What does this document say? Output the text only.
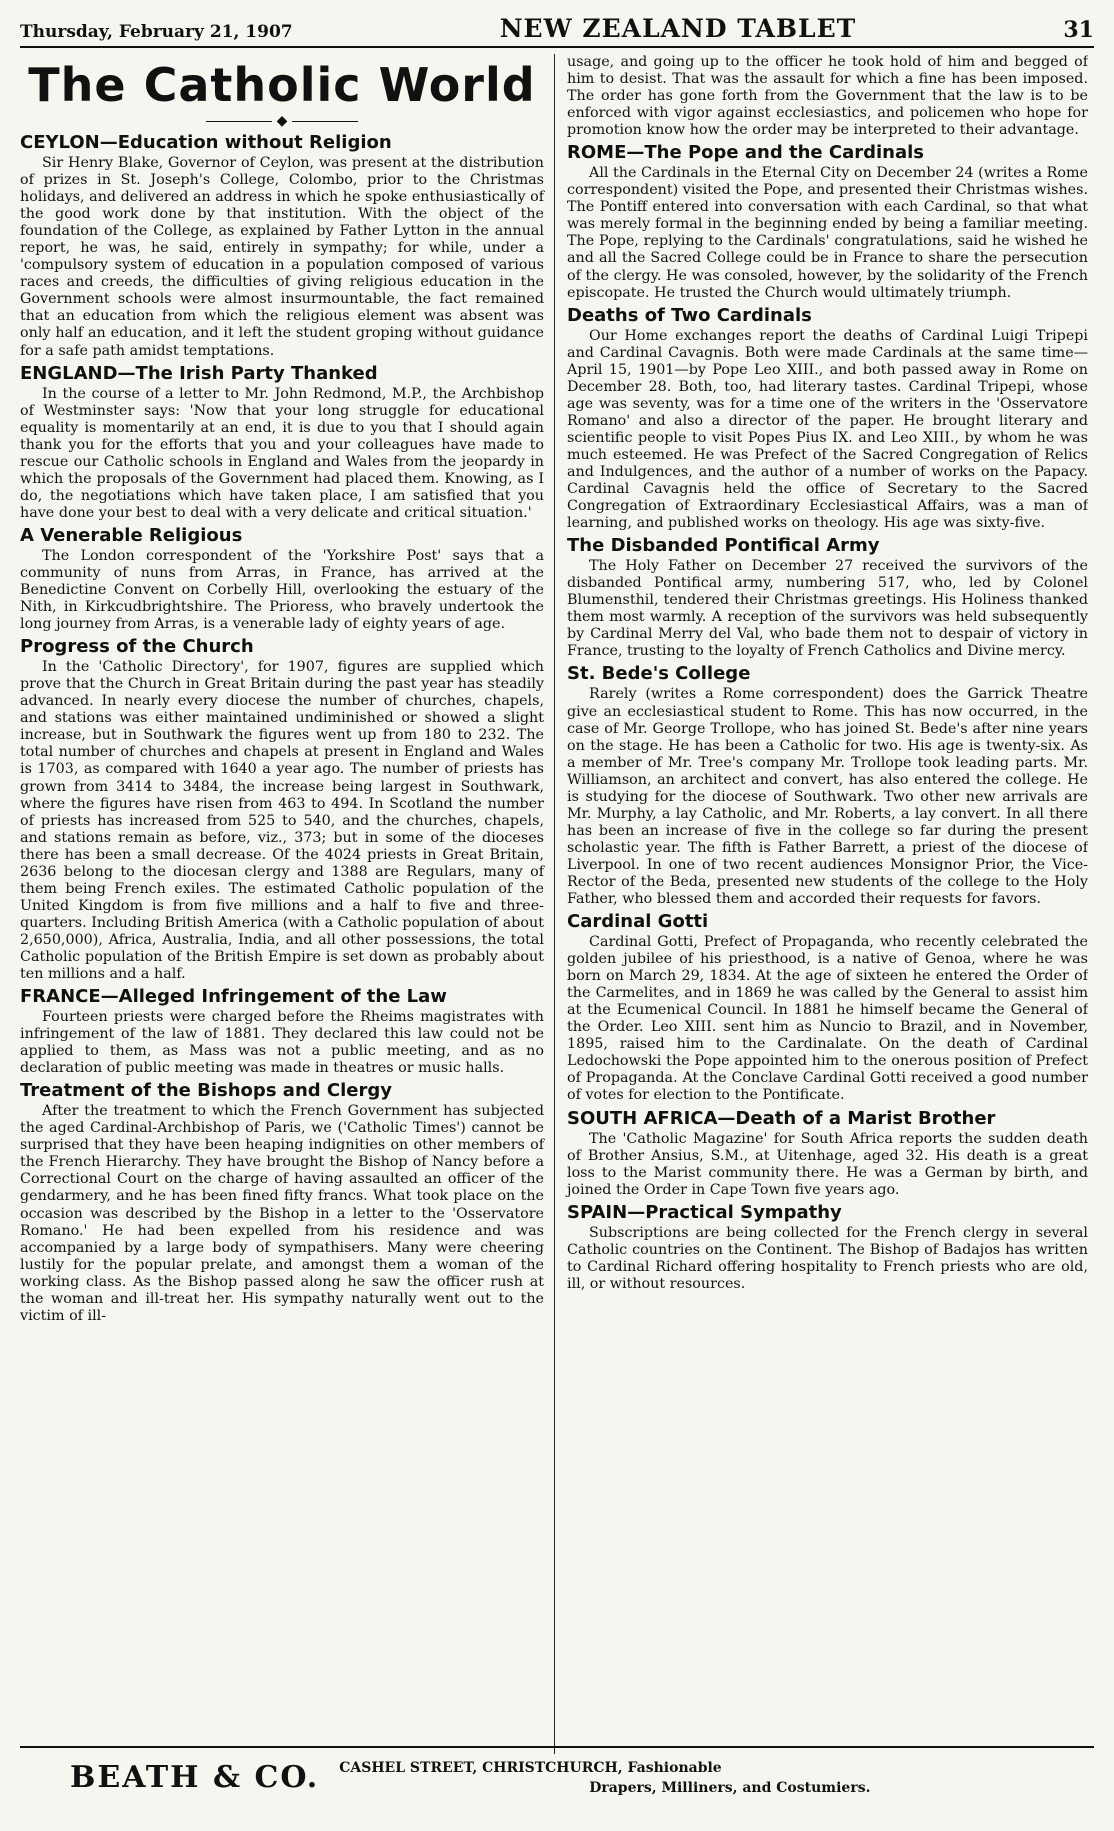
Thursday, February 21, 1907	NEW ZEALAND TABLET	31
The Catholic World
◆
CEYLON—Education without Religion

Sir Henry Blake, Governor of Ceylon, was present at the distribution of prizes in St. Joseph's College, Colombo, prior to the Christmas holidays, and delivered an address in which he spoke enthusiastically of the good work done by that institution. With the object of the foundation of the College, as explained by Father Lytton in the annual report, he was, he said, entirely in sympathy; for while, under a 'compulsory system of education in a population composed of various races and creeds, the difficulties of giving religious education in the Government schools were almost insurmountable, the fact remained that an education from which the religious element was absent was only half an education, and it left the student groping without guidance for a safe path amidst temptations.

ENGLAND—The Irish Party Thanked

In the course of a letter to Mr. John Redmond, M.P., the Archbishop of Westminster says: 'Now that your long struggle for educational equality is momentarily at an end, it is due to you that I should again thank you for the efforts that you and your colleagues have made to rescue our Catholic schools in England and Wales from the jeopardy in which the proposals of the Government had placed them. Knowing, as I do, the negotiations which have taken place, I am satisfied that you have done your best to deal with a very delicate and critical situation.'

A Venerable Religious

The London correspondent of the 'Yorkshire Post' says that a community of nuns from Arras, in France, has arrived at the Benedictine Convent on Corbelly Hill, overlooking the estuary of the Nith, in Kirkcudbrightshire. The Prioress, who bravely undertook the long journey from Arras, is a venerable lady of eighty years of age.

Progress of the Church

In the 'Catholic Directory', for 1907, figures are supplied which prove that the Church in Great Britain during the past year has steadily advanced. In nearly every diocese the number of churches, chapels, and stations was either maintained undiminished or showed a slight increase, but in Southwark the figures went up from 180 to 232. The total number of churches and chapels at present in England and Wales is 1703, as compared with 1640 a year ago. The number of priests has grown from 3414 to 3484, the increase being largest in Southwark, where the figures have risen from 463 to 494. In Scotland the number of priests has increased from 525 to 540, and the churches, chapels, and stations remain as before, viz., 373; but in some of the dioceses there has been a small decrease. Of the 4024 priests in Great Britain, 2636 belong to the diocesan clergy and 1388 are Regulars, many of them being French exiles. The estimated Catholic population of the United Kingdom is from five millions and a half to five and three-quarters. Including British America (with a Catholic population of about 2,650,000), Africa, Australia, India, and all other possessions, the total Catholic population of the British Empire is set down as probably about ten millions and a half.

FRANCE—Alleged Infringement of the Law

Fourteen priests were charged before the Rheims magistrates with infringement of the law of 1881. They declared this law could not be applied to them, as Mass was not a public meeting, and as no declaration of public meeting was made in theatres or music halls.

Treatment of the Bishops and Clergy

After the treatment to which the French Government has subjected the aged Cardinal-Archbishop of Paris, we ('Catholic Times') cannot be surprised that they have been heaping indignities on other members of the French Hierarchy. They have brought the Bishop of Nancy before a Correctional Court on the charge of having assaulted an officer of the gendarmery, and he has been fined fifty francs. What took place on the occasion was described by the Bishop in a letter to the 'Osservatore Romano.' He had been expelled from his residence and was accompanied by a large body of sympathisers. Many were cheering lustily for the popular prelate, and amongst them a woman of the working class. As the Bishop passed along he saw the officer rush at the woman and ill-treat her. His sympathy naturally went out to the victim of ill-

usage, and going up to the officer he took hold of him and begged of him to desist. That was the assault for which a fine has been imposed. The order has gone forth from the Government that the law is to be enforced with vigor against ecclesiastics, and policemen who hope for promotion know how the order may be interpreted to their advantage.

ROME—The Pope and the Cardinals

All the Cardinals in the Eternal City on December 24 (writes a Rome correspondent) visited the Pope, and presented their Christmas wishes. The Pontiff entered into conversation with each Cardinal, so that what was merely formal in the beginning ended by being a familiar meeting. The Pope, replying to the Cardinals' congratulations, said he wished he and all the Sacred College could be in France to share the persecution of the clergy. He was consoled, however, by the solidarity of the French episcopate. He trusted the Church would ultimately triumph.

Deaths of Two Cardinals

Our Home exchanges report the deaths of Cardinal Luigi Tripepi and Cardinal Cavagnis. Both were made Cardinals at the same time—April 15, 1901—by Pope Leo XIII., and both passed away in Rome on December 28. Both, too, had literary tastes. Cardinal Tripepi, whose age was seventy, was for a time one of the writers in the 'Osservatore Romano' and also a director of the paper. He brought literary and scientific people to visit Popes Pius IX. and Leo XIII., by whom he was much esteemed. He was Prefect of the Sacred Congregation of Relics and Indulgences, and the author of a number of works on the Papacy. Cardinal Cavagnis held the office of Secretary to the Sacred Congregation of Extraordinary Ecclesiastical Affairs, was a man of learning, and published works on theology. His age was sixty-five.

The Disbanded Pontifical Army

The Holy Father on December 27 received the survivors of the disbanded Pontifical army, numbering 517, who, led by Colonel Blumensthil, tendered their Christmas greetings. His Holiness thanked them most warmly. A reception of the survivors was held subsequently by Cardinal Merry del Val, who bade them not to despair of victory in France, trusting to the loyalty of French Catholics and Divine mercy.

St. Bede's College

Rarely (writes a Rome correspondent) does the Garrick Theatre give an ecclesiastical student to Rome. This has now occurred, in the case of Mr. George Trollope, who has joined St. Bede's after nine years on the stage. He has been a Catholic for two. His age is twenty-six. As a member of Mr. Tree's company Mr. Trollope took leading parts. Mr. Williamson, an architect and convert, has also entered the college. He is studying for the diocese of Southwark. Two other new arrivals are Mr. Murphy, a lay Catholic, and Mr. Roberts, a lay convert. In all there has been an increase of five in the college so far during the present scholastic year. The fifth is Father Barrett, a priest of the diocese of Liverpool. In one of two recent audiences Monsignor Prior, the Vice-Rector of the Beda, presented new students of the college to the Holy Father, who blessed them and accorded their requests for favors.

Cardinal Gotti

Cardinal Gotti, Prefect of Propaganda, who recently celebrated the golden jubilee of his priesthood, is a native of Genoa, where he was born on March 29, 1834. At the age of sixteen he entered the Order of the Carmelites, and in 1869 he was called by the General to assist him at the Ecumenical Council. In 1881 he himself became the General of the Order. Leo XIII. sent him as Nuncio to Brazil, and in November, 1895, raised him to the Cardinalate. On the death of Cardinal Ledochowski the Pope appointed him to the onerous position of Prefect of Propaganda. At the Conclave Cardinal Gotti received a good number of votes for election to the Pontificate.

SOUTH AFRICA—Death of a Marist Brother

The 'Catholic Magazine' for South Africa reports the sudden death of Brother Ansius, S.M., at Uitenhage, aged 32. His death is a great loss to the Marist community there. He was a German by birth, and joined the Order in Cape Town five years ago.

SPAIN—Practical Sympathy

Subscriptions are being collected for the French clergy in several Catholic countries on the Continent. The Bishop of Badajos has written to Cardinal Richard offering hospitality to French priests who are old, ill, or without resources.

BEATH & CO. CASHEL STREET, CHRISTCHURCH, Fashionable
Drapers, Milliners, and Costumiers.
